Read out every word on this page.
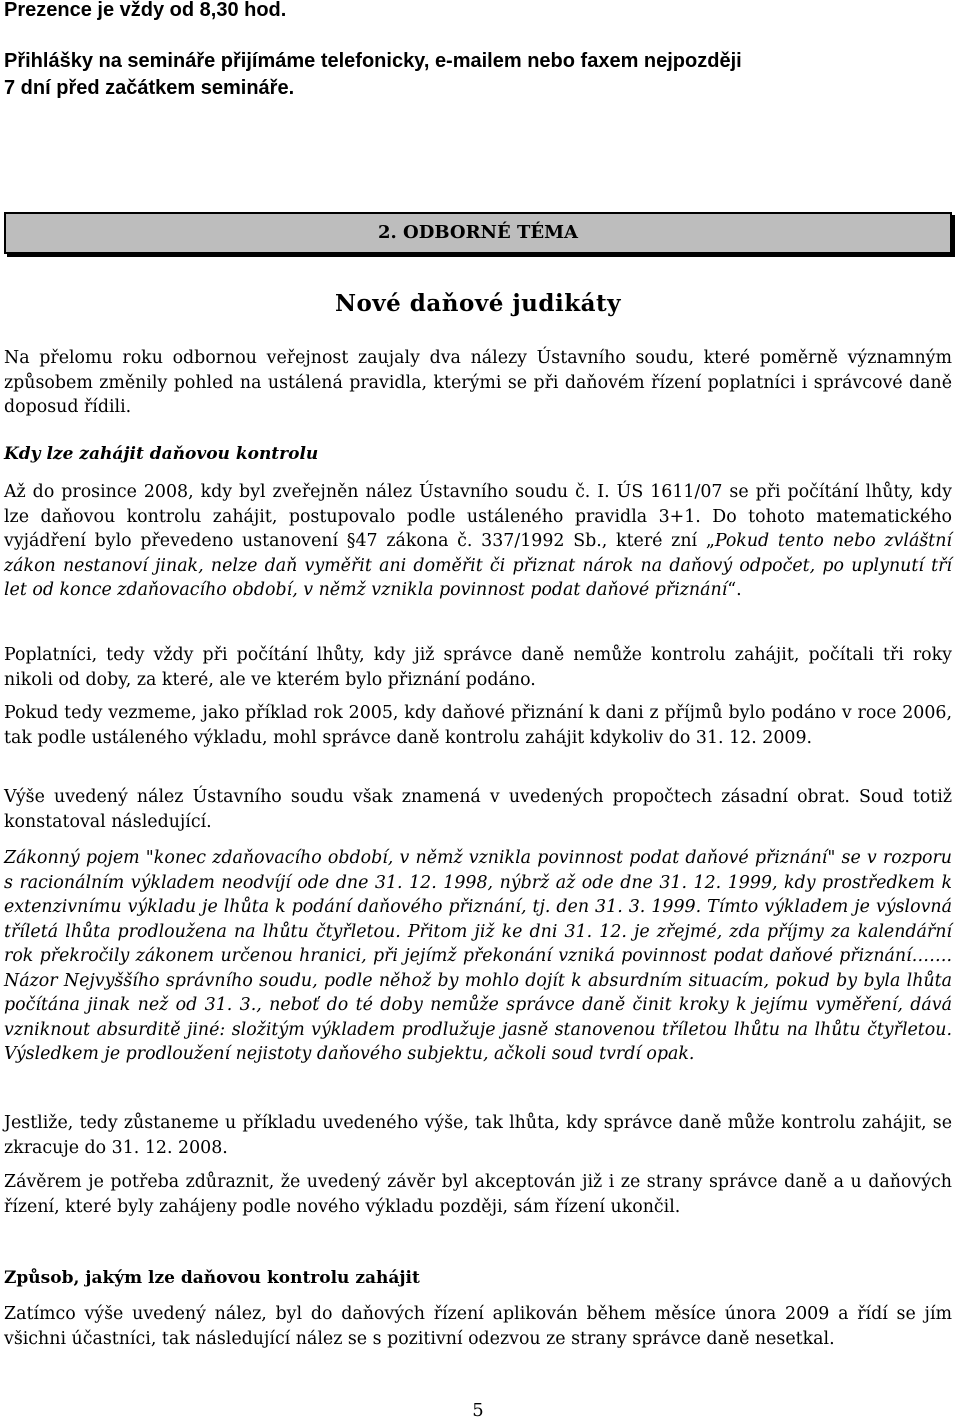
Prezence je vždy od 8,30 hod.
Přihlášky na semináře přijímáme telefonicky, e-mailem nebo faxem nejpozději
7 dní před začátkem semináře.
2. ODBORNÉ TÉMA
Nové daňové judikáty

Na přelomu roku odbornou veřejnost zaujaly dva nálezy Ústavního soudu, které poměrně významným způsobem změnily pohled na ustálená pravidla, kterými se při daňovém řízení poplatníci i správcové daně doposud řídili.

Kdy lze zahájit daňovou kontrolu

Až do prosince 2008, kdy byl zveřejněn nález Ústavního soudu č. I. ÚS 1611/07 se při počítání lhůty, kdy lze daňovou kontrolu zahájit, postupovalo podle ustáleného pravidla 3+1. Do tohoto matematického vyjádření bylo převedeno ustanovení §47 zákona č. 337/1992 Sb., které zní „Pokud tento nebo zvláštní zákon nestanoví jinak, nelze daň vyměřit ani doměřit či přiznat nárok na daňový odpočet, po uplynutí tří let od konce zdaňovacího období, v němž vznikla povinnost podat daňové přiznání“.

Poplatníci, tedy vždy při počítání lhůty, kdy již správce daně nemůže kontrolu zahájit, počítali tři roky nikoli od doby, za které, ale ve kterém bylo přiznání podáno.

Pokud tedy vezmeme, jako příklad rok 2005, kdy daňové přiznání k dani z příjmů bylo podáno v roce 2006, tak podle ustáleného výkladu, mohl správce daně kontrolu zahájit kdykoliv do 31. 12. 2009.

Výše uvedený nález Ústavního soudu však znamená v uvedených propočtech zásadní obrat. Soud totiž konstatoval následující.

Zákonný pojem "konec zdaňovacího období, v němž vznikla povinnost podat daňové přiznání" se v rozporu s racionálním výkladem neodvíjí ode dne 31. 12. 1998, nýbrž až ode dne 31. 12. 1999, kdy prostředkem k extenzivnímu výkladu je lhůta k podání daňového přiznání, tj. den 31. 3. 1999. Tímto výkladem je výslovná tříletá lhůta prodloužena na lhůtu čtyřletou. Přitom již ke dni 31. 12. je zřejmé, zda příjmy za kalendářní rok překročily zákonem určenou hranici, při jejímž překonání vzniká povinnost podat daňové přiznání……. Názor Nejvyššího správního soudu, podle něhož by mohlo dojít k absurdním situacím, pokud by byla lhůta počítána jinak než od 31. 3., neboť do té doby nemůže správce daně činit kroky k jejímu vyměření, dává vzniknout absurditě jiné: složitým výkladem prodlužuje jasně stanovenou tříletou lhůtu na lhůtu čtyřletou. Výsledkem je prodloužení nejistoty daňového subjektu, ačkoli soud tvrdí opak.

Jestliže, tedy zůstaneme u příkladu uvedeného výše, tak lhůta, kdy správce daně může kontrolu zahájit, se zkracuje do 31. 12. 2008.

Závěrem je potřeba zdůraznit, že uvedený závěr byl akceptován již i ze strany správce daně a u daňových řízení, které byly zahájeny podle nového výkladu později, sám řízení ukončil.

Způsob, jakým lze daňovou kontrolu zahájit

Zatímco výše uvedený nález, byl do daňových řízení aplikován během měsíce února 2009 a řídí se jím všichni účastníci, tak následující nález se s pozitivní odezvou ze strany správce daně nesetkal.

5
